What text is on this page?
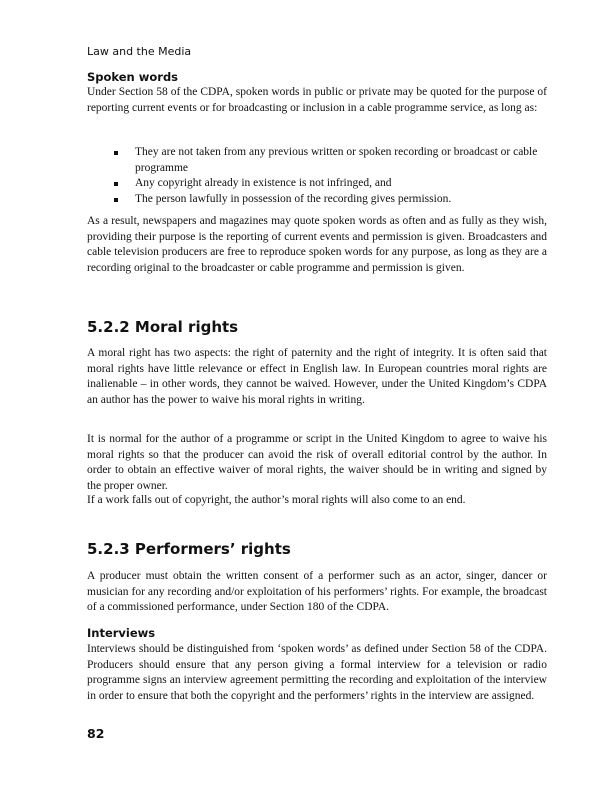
Law and the Media
Spoken words

Under Section 58 of the CDPA, spoken words in public or private may be quoted for the purpose of reporting current events or for broadcasting or inclusion in a cable programme service, as long as:

They are not taken from any previous written or spoken recording or broadcast or cable programme
Any copyright already in existence is not infringed, and
The person lawfully in possession of the recording gives permission.

As a result, newspapers and magazines may quote spoken words as often and as fully as they wish, providing their purpose is the reporting of current events and permission is given. Broadcasters and cable television producers are free to reproduce spoken words for any purpose, as long as they are a recording original to the broadcaster or cable programme and permission is given.

5.2.2 Moral rights

A moral right has two aspects: the right of paternity and the right of integrity. It is often said that moral rights have little relevance or effect in English law. In European countries moral rights are inalienable – in other words, they cannot be waived. However, under the United Kingdom’s CDPA an author has the power to waive his moral rights in writing.

It is normal for the author of a programme or script in the United Kingdom to agree to waive his moral rights so that the producer can avoid the risk of overall editorial control by the author. In order to obtain an effective waiver of moral rights, the waiver should be in writing and signed by the proper owner.

If a work falls out of copyright, the author’s moral rights will also come to an end.

5.2.3 Performers’ rights

A producer must obtain the written consent of a performer such as an actor, singer, dancer or musician for any recording and/or exploitation of his performers’ rights. For example, the broadcast of a commissioned performance, under Section 180 of the CDPA.

Interviews

Interviews should be distinguished from ‘spoken words’ as defined under Section 58 of the CDPA. Producers should ensure that any person giving a formal interview for a television or radio programme signs an interview agreement permitting the recording and exploitation of the interview in order to ensure that both the copyright and the performers’ rights in the interview are assigned.

82
